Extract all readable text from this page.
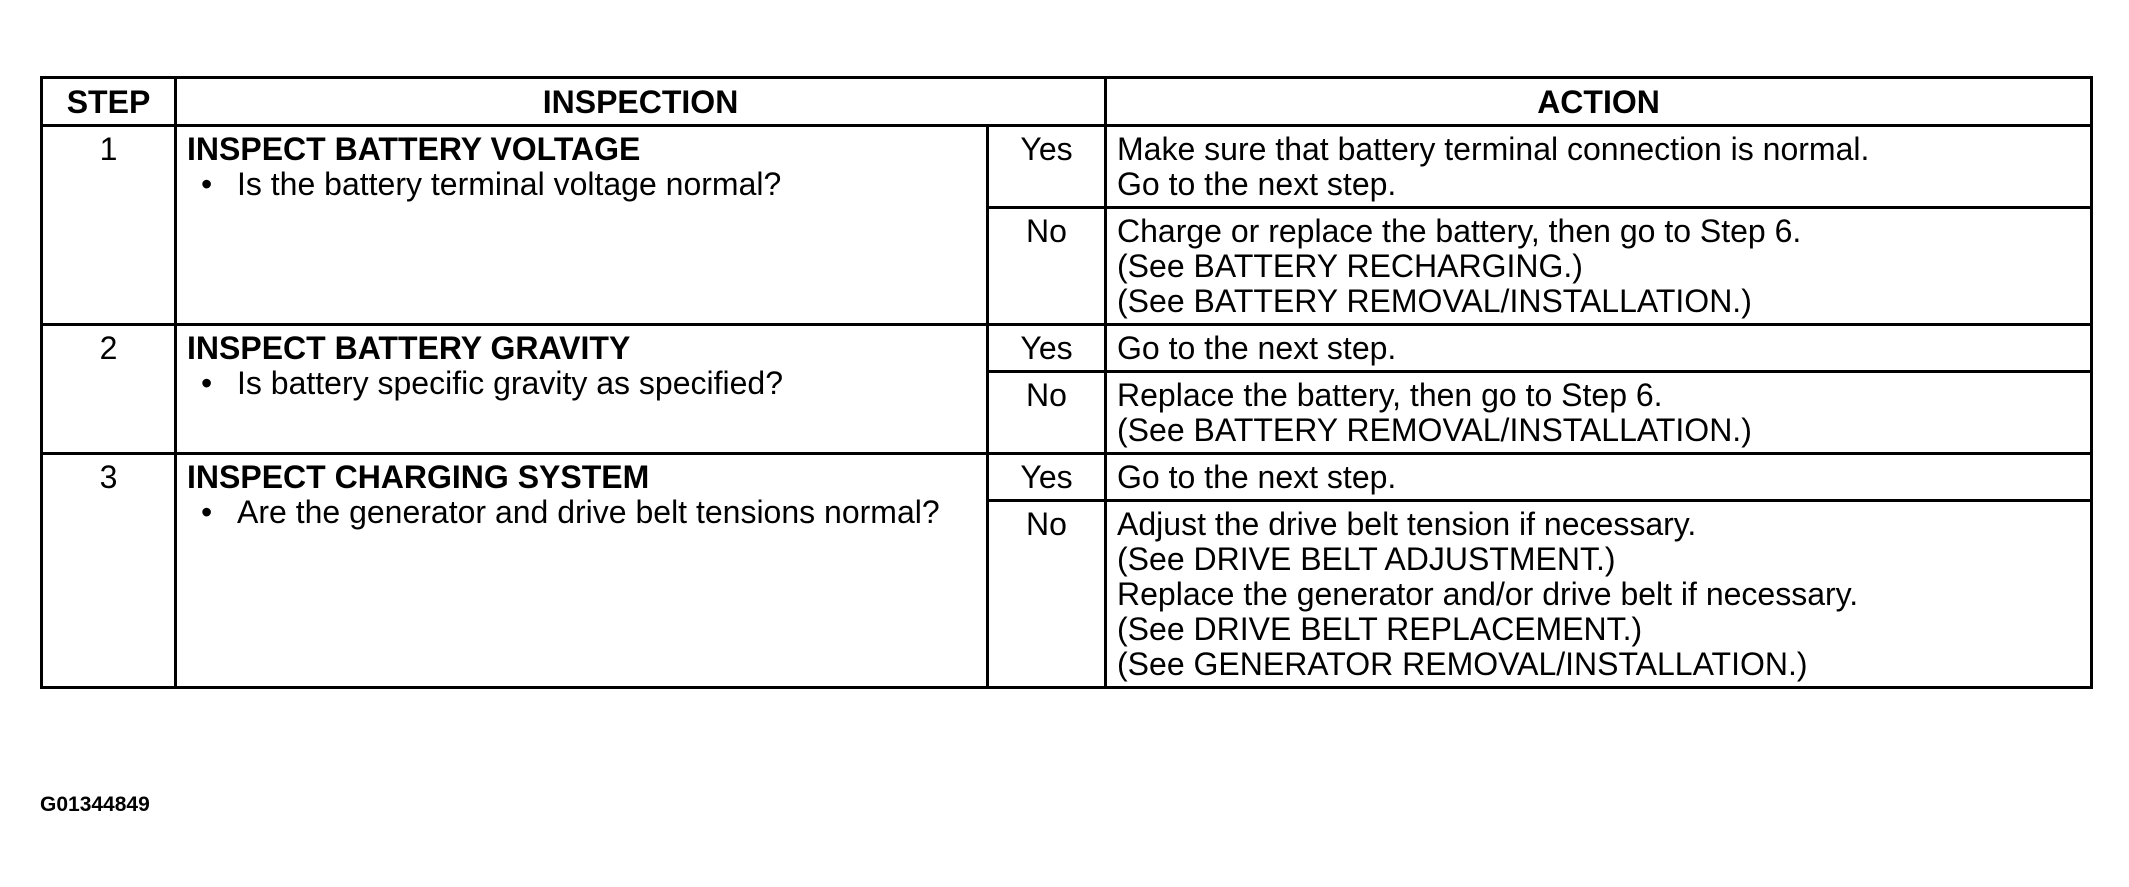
STEP	INSPECTION		ACTION
1	INSPECT BATTERY VOLTAGE
• Is the battery terminal voltage normal?	Yes	Make sure that battery terminal connection is normal.
Go to the next step.

		No	Charge or replace the battery, then go to Step 6.
(See BATTERY RECHARGING.)
(See BATTERY REMOVAL/INSTALLATION.)

2	INSPECT BATTERY GRAVITY
• Is battery specific gravity as specified?	Yes	Go to the next step.

		No	Replace the battery, then go to Step 6.
(See BATTERY REMOVAL/INSTALLATION.)

3	INSPECT CHARGING SYSTEM
• Are the generator and drive belt tensions normal?	Yes	Go to the next step.

		No	Adjust the drive belt tension if necessary.
(See DRIVE BELT ADJUSTMENT.)
Replace the generator and/or drive belt if necessary.
(See DRIVE BELT REPLACEMENT.)
(See GENERATOR REMOVAL/INSTALLATION.)
G01344849
